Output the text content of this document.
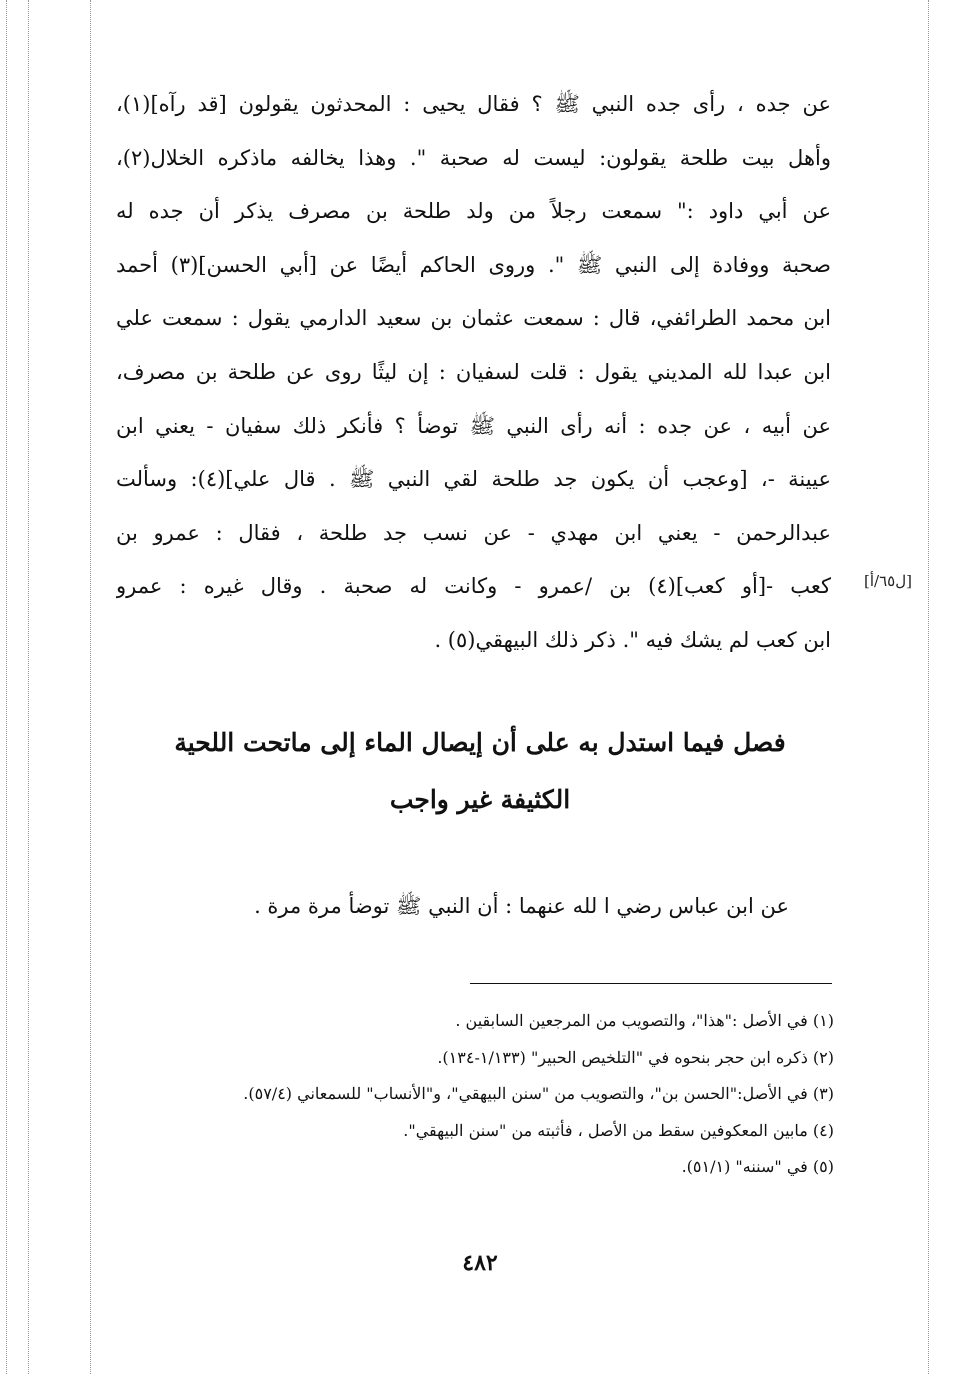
عن جده ، رأى جده النبي ﷺ ؟ فقال يحيى : المحدثون يقولون [قد رآه](١)،
وأهل بيت طلحة يقولون: ليست له صحبة ". وهذا يخالفه ماذكره الخلال(٢)،
عن أبي داود :" سمعت رجلاً من ولد طلحة بن مصرف يذكر أن جده له
صحبة ووفادة إلى النبي ﷺ ". وروى الحاكم أيضًا عن [أبي الحسن](٣) أحمد
ابن محمد الطرائفي، قال : سمعت عثمان بن سعيد الدارمي يقول : سمعت علي
ابن عبدا لله المديني يقول : قلت لسفيان : إن ليثًا روى عن طلحة بن مصرف،
عن أبيه ، عن جده : أنه رأى النبي ﷺ توضأ ؟ فأنكر ذلك سفيان - يعني ابن
عيينة -، [وعجب أن يكون جد طلحة لقي النبي ﷺ . قال علي](٤): وسألت
عبدالرحمن - يعني ابن مهدي - عن نسب جد طلحة ، فقال : عمرو بن
كعب -[أو كعب](٤) بن /عمرو - وكانت له صحبة . وقال غيره : عمرو
ابن كعب لم يشك فيه ". ذكر ذلك البيهقي(٥) .
[ل٦٥/أ]
فصل فيما استدل به على أن إيصال الماء إلى ماتحت اللحية
الكثيفة غير واجب
عن ابن عباس رضي ا لله عنهما : أن النبي ﷺ توضأ مرة مرة .
(١) في الأصل :"هذا"، والتصويب من المرجعين السابقين .
(٢) ذكره ابن حجر بنحوه في "التلخيص الحبير" (١/١٣٣-١٣٤).
(٣) في الأصل:"الحسن بن"، والتصويب من "سنن البيهقي"، و"الأنساب" للسمعاني (٥٧/٤).
(٤) مابين المعكوفين سقط من الأصل ، فأثبته من "سنن البيهقي".
(٥) في "سننه" (٥١/١).
٤٨٢
